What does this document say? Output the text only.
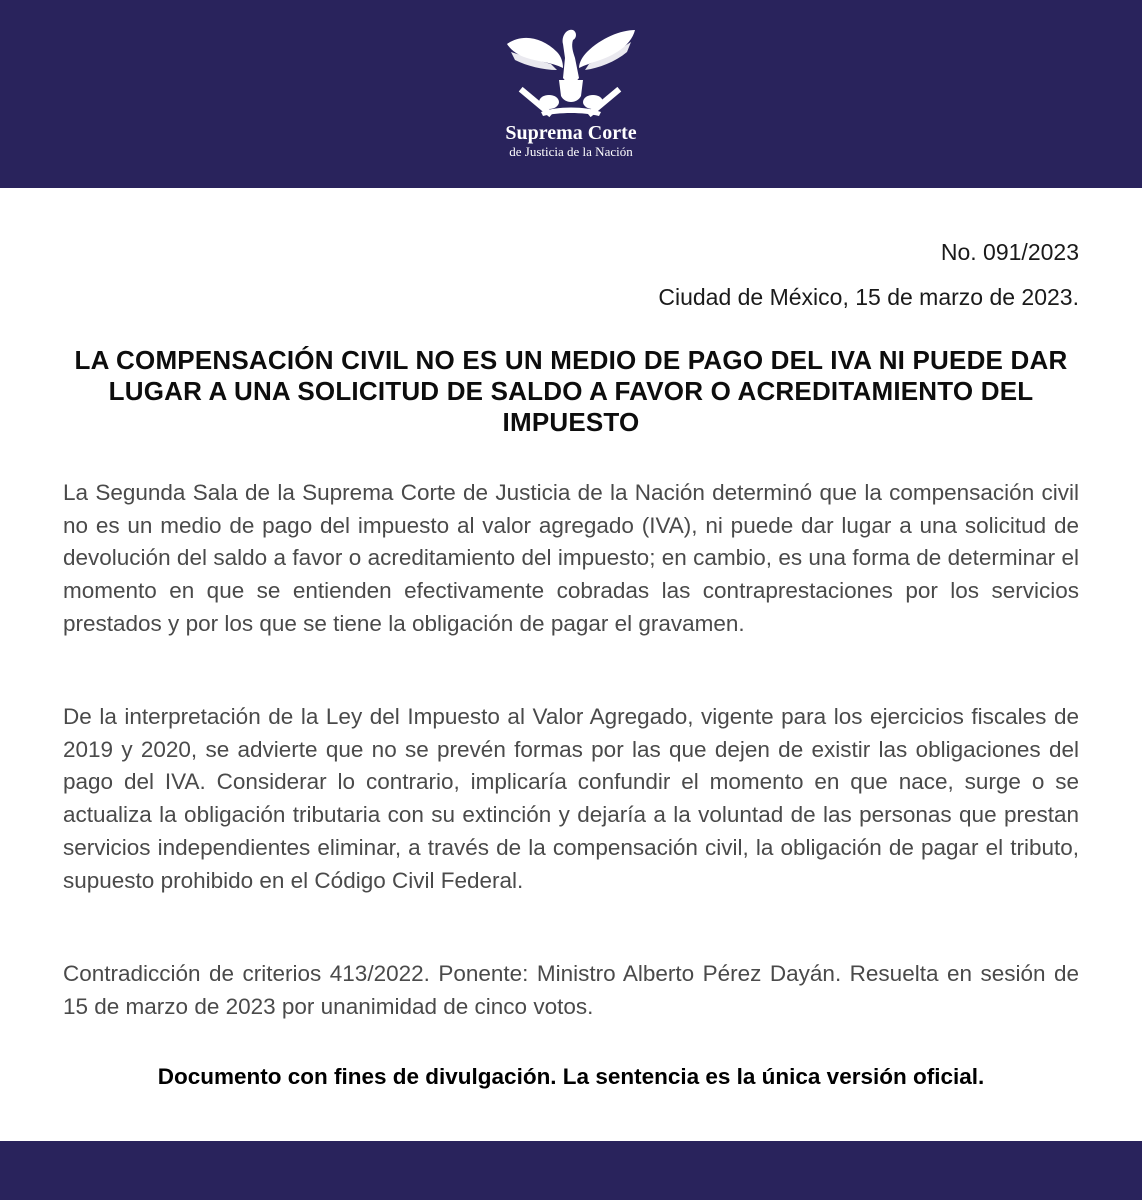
Suprema Corte
de Justicia de la Nación
No. 091/2023
Ciudad de México, 15 de marzo de 2023.
LA COMPENSACIÓN CIVIL NO ES UN MEDIO DE PAGO DEL IVA NI PUEDE DAR LUGAR A UNA SOLICITUD DE SALDO A FAVOR O ACREDITAMIENTO DEL IMPUESTO

La Segunda Sala de la Suprema Corte de Justicia de la Nación determinó que la compensación civil no es un medio de pago del impuesto al valor agregado (IVA), ni puede dar lugar a una solicitud de devolución del saldo a favor o acreditamiento del impuesto; en cambio, es una forma de determinar el momento en que se entienden efectivamente cobradas las contraprestaciones por los servicios prestados y por los que se tiene la obligación de pagar el gravamen.

De la interpretación de la Ley del Impuesto al Valor Agregado, vigente para los ejercicios fiscales de 2019 y 2020, se advierte que no se prevén formas por las que dejen de existir las obligaciones del pago del IVA. Considerar lo contrario, implicaría confundir el momento en que nace, surge o se actualiza la obligación tributaria con su extinción y dejaría a la voluntad de las personas que prestan servicios independientes eliminar, a través de la compensación civil, la obligación de pagar el tributo, supuesto prohibido en el Código Civil Federal.

Contradicción de criterios 413/2022. Ponente: Ministro Alberto Pérez Dayán. Resuelta en sesión de 15 de marzo de 2023 por unanimidad de cinco votos.

Documento con fines de divulgación. La sentencia es la única versión oficial.
